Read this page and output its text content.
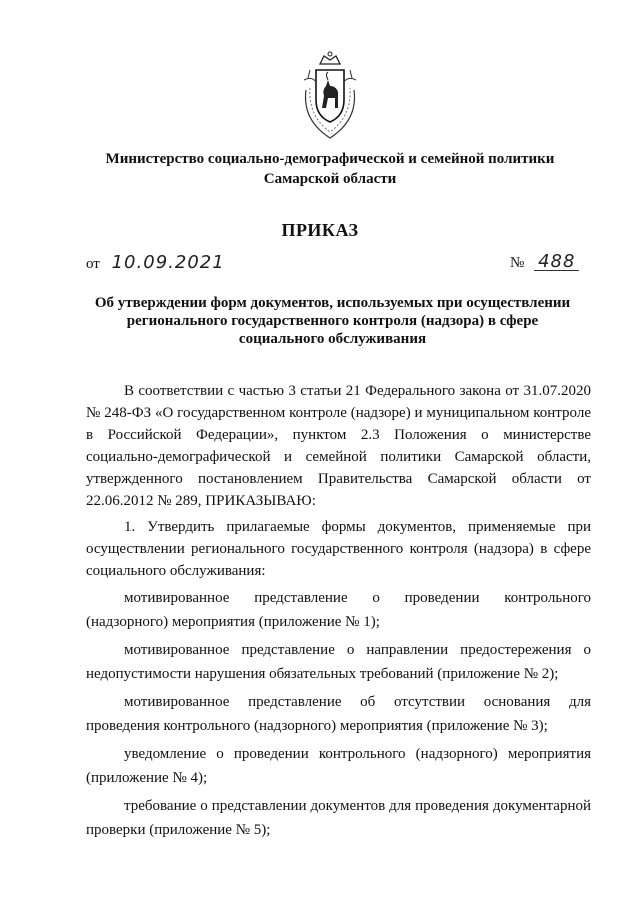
Министерство социально-демографической и семейной политики
Самарской области
ПРИКАЗ
от 10.09.2021	№ 488
Об утверждении форм документов, используемых при осуществлении
регионального государственного контроля (надзора) в сфере
социального обслуживания

В соответствии с частью 3 статьи 21 Федерального закона от 31.07.2020 № 248-ФЗ «О государственном контроле (надзоре) и муниципальном контроле в Российской Федерации», пунктом 2.3 Положения о министерстве социально-демографической и семейной политики Самарской области, утвержденного постановлением Правительства Самарской области от 22.06.2012 № 289, ПРИКАЗЫВАЮ:

1. Утвердить прилагаемые формы документов, применяемые при осуществлении регионального государственного контроля (надзора) в сфере социального обслуживания:

мотивированное представление о проведении контрольного (надзорного) мероприятия (приложение № 1);

мотивированное представление о направлении предостережения о недопустимости нарушения обязательных требований (приложение № 2);

мотивированное представление об отсутствии основания для проведения контрольного (надзорного) мероприятия (приложение № 3);

уведомление о проведении контрольного (надзорного) мероприятия (приложение № 4);

требование о представлении документов для проведения документарной проверки (приложение № 5);
